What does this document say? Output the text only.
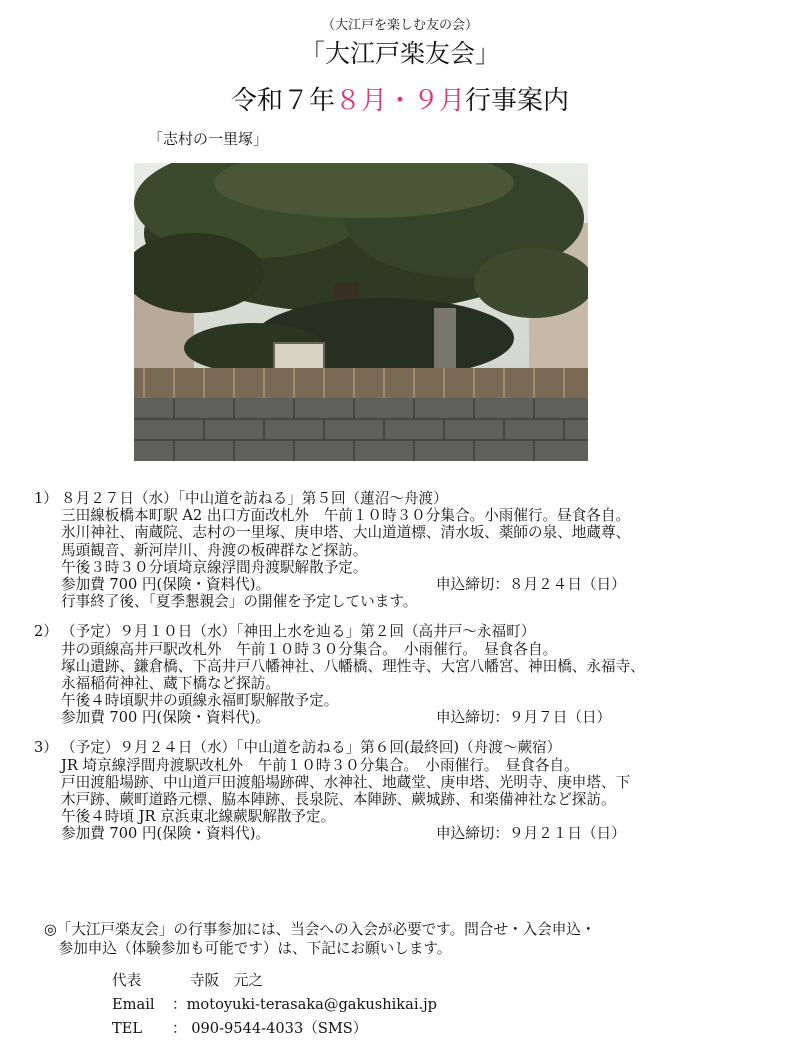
（大江戸を楽しむ友の会）
「大江戸楽友会」
令和７年８月・９月行事案内
「志村の一里塚」
1） ８月２７日（水）「中山道を訪ねる」第５回（蓮沼～舟渡）
三田線板橋本町駅 A2 出口方面改札外　午前１０時３０分集合。小雨催行。昼食各自。
氷川神社、南蔵院、志村の一里塚、庚申塔、大山道道標、清水坂、薬師の泉、地蔵尊、
馬頭観音、新河岸川、舟渡の板碑群など探訪。
午後３時３０分頃埼京線浮間舟渡駅解散予定。
参加費 700 円(保険・資料代)。	申込締切：８月２４日（日）
行事終了後、「夏季懇親会」の開催を予定しています。
2） （予定）９月１０日（水）「神田上水を辿る」第２回（高井戸～永福町）
井の頭線高井戸駅改札外　午前１０時３０分集合。　小雨催行。　昼食各自。
塚山遺跡、鎌倉橋、下高井戸八幡神社、八幡橋、理性寺、大宮八幡宮、神田橋、永福寺、
永福稲荷神社、蔵下橋など探訪。
午後４時頃駅井の頭線永福町駅解散予定。
参加費 700 円(保険・資料代)。	申込締切：９月７日（日）
3） （予定）９月２４日（水）「中山道を訪ねる」第６回(最終回)（舟渡～蕨宿）
JR 埼京線浮間舟渡駅改札外　午前１０時３０分集合。　小雨催行。　昼食各自。
戸田渡船場跡、中山道戸田渡船場跡碑、水神社、地蔵堂、庚申塔、光明寺、庚申塔、下
木戸跡、蕨町道路元標、脇本陣跡、長泉院、本陣跡、蕨城跡、和楽備神社など探訪。
午後４時頃 JR 京浜東北線蕨駅解散予定。
参加費 700 円(保険・資料代)。	申込締切：９月２１日（日）
◎「大江戸楽友会」の行事参加には、当会への入会が必要です。問合せ・入会申込・
　参加申込（体験参加も可能です）は、下記にお願いします。
代表	寺阪　元之
Email ：motoyuki-terasaka@gakushikai.jp
TEL ： 090-9544-4033（SMS）
